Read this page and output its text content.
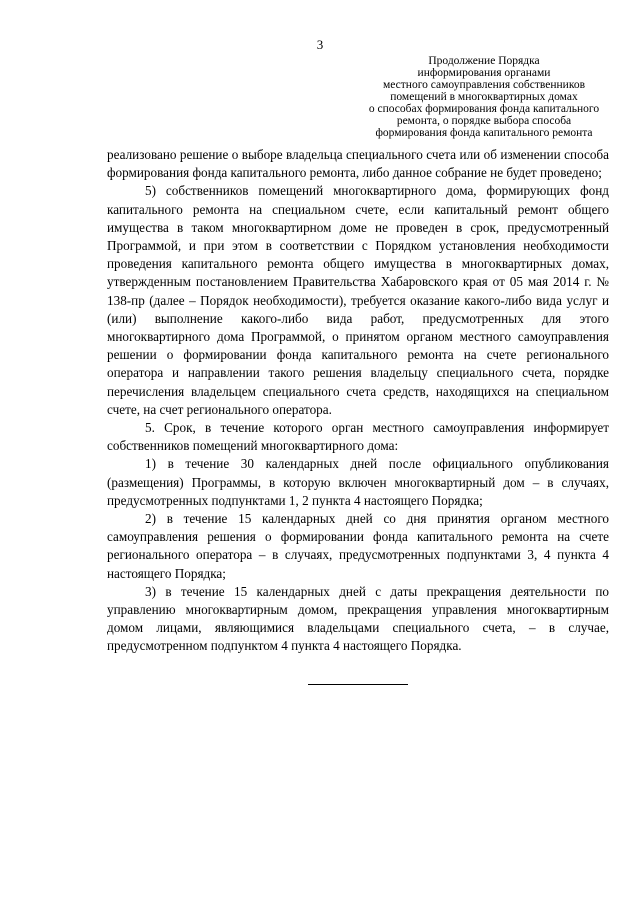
3
Продолжение Порядка
информирования органами
местного самоуправления собственников
помещений в многоквартирных домах
о способах формирования фонда капитального
ремонта, о порядке выбора способа
формирования фонда капитального ремонта

реализовано решение о выборе владельца специального счета или об изменении способа формирования фонда капитального ремонта, либо данное собрание не будет проведено;

5) собственников помещений многоквартирного дома, формирующих фонд капитального ремонта на специальном счете, если капитальный ремонт общего имущества в таком многоквартирном доме не проведен в срок, предусмотренный Программой, и при этом в соответствии с Порядком установления необходимости проведения капитального ремонта общего имущества в многоквартирных домах, утвержденным постановлением Правительства Хабаровского края от 05 мая 2014 г. № 138-пр (далее – Порядок необходимости), требуется оказание какого-либо вида услуг и (или) выполнение какого-либо вида работ, предусмотренных для этого многоквартирного дома Программой, о принятом органом местного самоуправления решении о формировании фонда капитального ремонта на счете регионального оператора и направлении такого решения владельцу специального счета, порядке перечисления владельцем специального счета средств, находящихся на специальном счете, на счет регионального оператора.

5. Срок, в течение которого орган местного самоуправления информирует собственников помещений многоквартирного дома:

1) в течение 30 календарных дней после официального опубликования (размещения) Программы, в которую включен многоквартирный дом – в случаях, предусмотренных подпунктами 1, 2 пункта 4 настоящего Порядка;

2) в течение 15 календарных дней со дня принятия органом местного самоуправления решения о формировании фонда капитального ремонта на счете регионального оператора – в случаях, предусмотренных подпунктами 3, 4 пункта 4 настоящего Порядка;

3) в течение 15 календарных дней с даты прекращения деятельности по управлению многоквартирным домом, прекращения управления многоквартирным домом лицами, являющимися владельцами специального счета, – в случае, предусмотренном подпунктом 4 пункта 4 настоящего Порядка.
